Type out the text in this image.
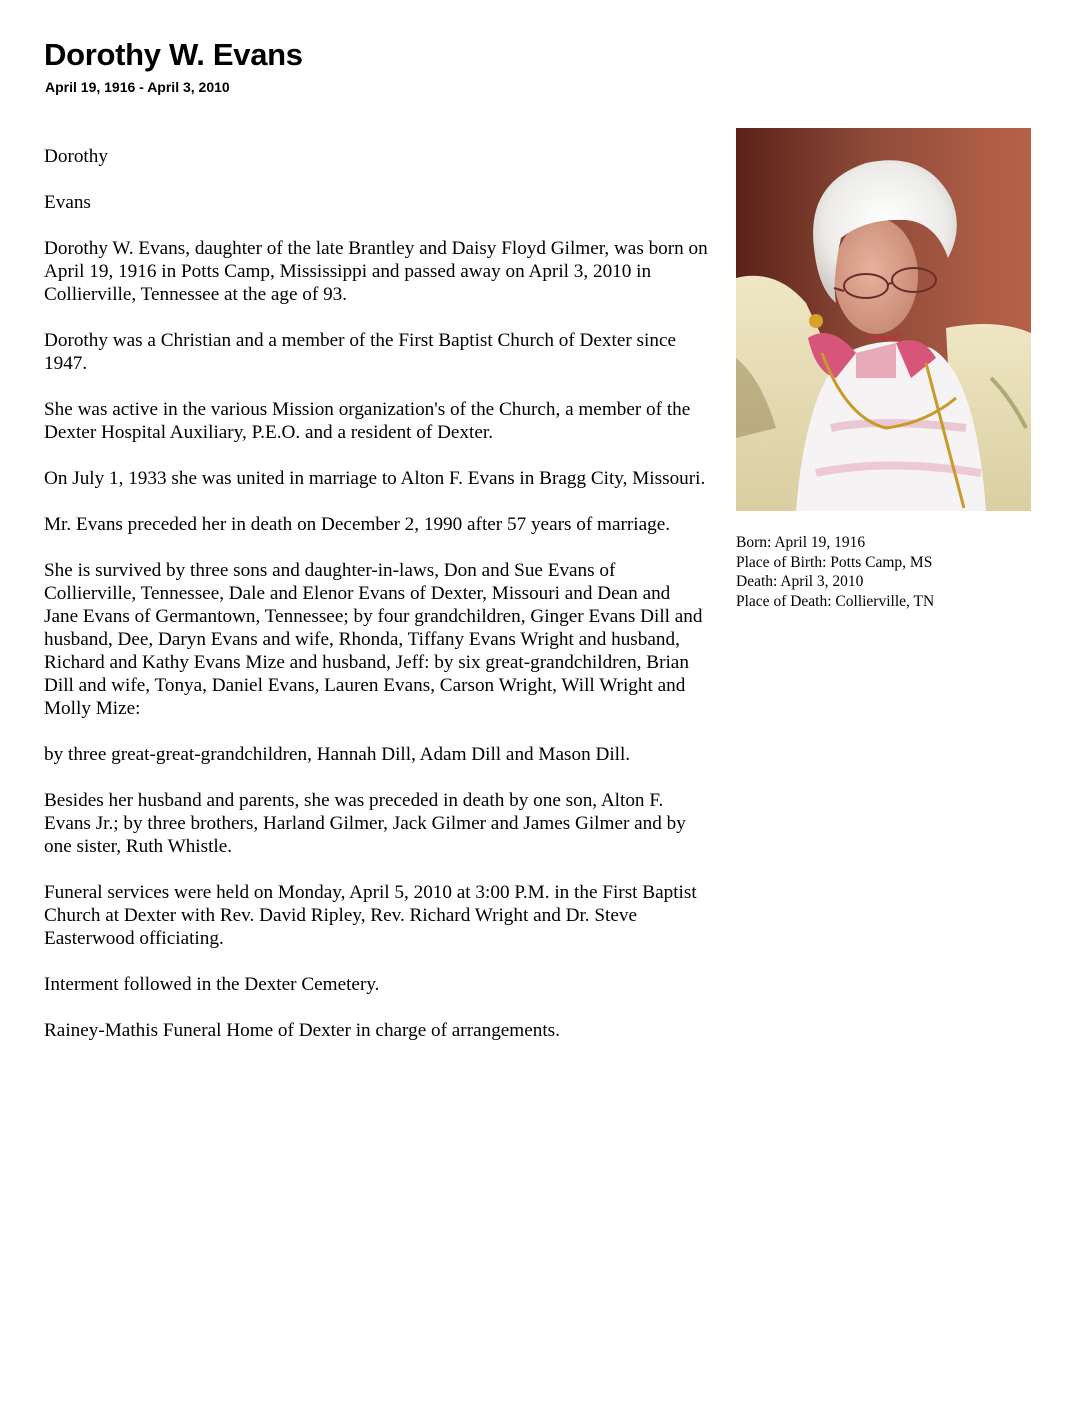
Dorothy W. Evans
April 19, 1916 - April 3, 2010

Dorothy

Evans

Dorothy W. Evans, daughter of the late Brantley and Daisy Floyd Gilmer, was born on April 19, 1916 in Potts Camp, Mississippi and passed away on April 3, 2010 in Collierville, Tennessee at the age of 93.

Dorothy was a Christian and a member of the First Baptist Church of Dexter since 1947.

She was active in the various Mission organization's of the Church, a member of the Dexter Hospital Auxiliary, P.E.O. and a resident of Dexter.

On July 1, 1933 she was united in marriage to Alton F. Evans in Bragg City, Missouri.

Mr. Evans preceded her in death on December 2, 1990 after 57 years of marriage.

She is survived by three sons and daughter-in-laws, Don and Sue Evans of Collierville, Tennessee, Dale and Elenor Evans of Dexter, Missouri and Dean and Jane Evans of Germantown, Tennessee; by four grandchildren, Ginger Evans Dill and husband, Dee, Daryn Evans and wife, Rhonda, Tiffany Evans Wright and husband, Richard and Kathy Evans Mize and husband, Jeff: by six great-grandchildren, Brian Dill and wife, Tonya, Daniel Evans, Lauren Evans, Carson Wright, Will Wright and Molly Mize:

by three great-great-grandchildren, Hannah Dill, Adam Dill and Mason Dill.

Besides her husband and parents, she was preceded in death by one son, Alton F. Evans Jr.; by three brothers, Harland Gilmer, Jack Gilmer and James Gilmer and by one sister, Ruth Whistle.

Funeral services were held on Monday, April 5, 2010 at 3:00 P.M. in the First Baptist Church at Dexter with Rev. David Ripley, Rev. Richard Wright and Dr. Steve Easterwood officiating.

Interment followed in the Dexter Cemetery.

Rainey-Mathis Funeral Home of Dexter in charge of arrangements.

Born: April 19, 1916
Place of Birth: Potts Camp, MS
Death: April 3, 2010
Place of Death: Collierville, TN
